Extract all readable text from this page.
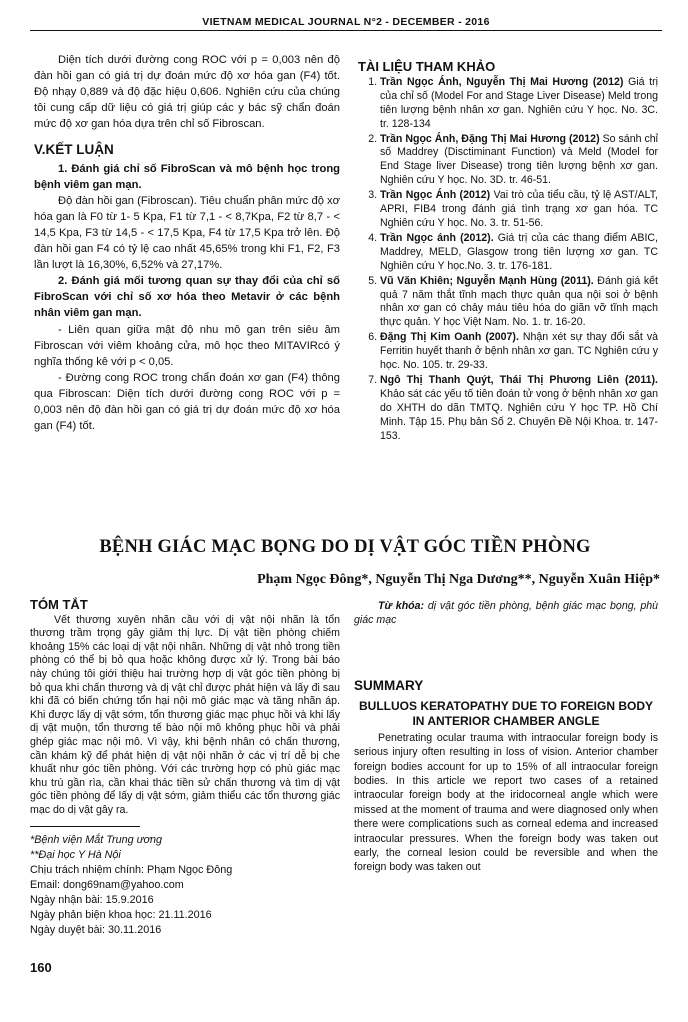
VIETNAM MEDICAL JOURNAL N°2 - DECEMBER - 2016

Diện tích dưới đường cong ROC với p = 0,003 nên độ đàn hồi gan có giá trị dự đoán mức độ xơ hóa gan (F4) tốt. Độ nhạy 0,889 và độ đặc hiệu 0,606. Nghiên cứu của chúng tôi cung cấp dữ liệu có giá trị giúp các y bác sỹ chẩn đoán mức độ xơ gan hóa dựa trên chỉ số Fibroscan.

V.KẾT LUẬN

1. Đánh giá chỉ số FibroScan và mô bệnh học trong bệnh viêm gan mạn.

Độ đàn hồi gan (Fibroscan). Tiêu chuẩn phân mức độ xơ hóa gan là F0 từ 1- 5 Kpa, F1 từ 7,1 - < 8,7Kpa, F2 từ 8,7 - < 14,5 Kpa, F3 từ 14,5 - < 17,5 Kpa, F4 từ 17,5 Kpa trở lên. Độ đàn hồi gan F4 có tỷ lệ cao nhất 45,65% trong khi F1, F2, F3 lần lượt là 16,30%, 6,52% và 27,17%.

2. Đánh giá mối tương quan sự thay đổi của chỉ số FibroScan với chỉ số xơ hóa theo Metavir ở các bệnh nhân viêm gan mạn.

- Liên quan giữa mật độ nhu mô gan trên siêu âm Fibroscan với viêm khoảng cửa, mô học theo MITAVIRcó ý nghĩa thống kê với p < 0,05.

- Đường cong ROC trong chẩn đoán xơ gan (F4) thông qua Fibroscan: Diện tích dưới đường cong ROC với p = 0,003 nên độ đàn hồi gan có giá trị dự đoán mức độ xơ hóa gan (F4) tốt.

TÀI LIỆU THAM KHẢO
1. Trần Ngọc Ánh, Nguyễn Thị Mai Hương (2012) Giá trị của chỉ số (Model For and Stage Liver Disease) Meld trong tiên lượng bệnh nhân xơ gan. Nghiên cứu Y học. No. 3C. tr. 128-134
2. Trần Ngọc Ánh, Đặng Thị Mai Hương (2012) So sánh chỉ số Maddrey (Disctiminant Function) và Meld (Model for End Stage liver Disease) trong tiên lượng bệnh xơ gan. Nghiên cứu Y học. No. 3D. tr. 46-51.
3. Trần Ngọc Ánh (2012) Vai trò của tiểu cầu, tỷ lệ AST/ALT, APRI, FIB4 trong đánh giá tình trạng xơ gan hóa. TC Nghiên cứu Y học. No. 3. tr. 51-56.
4. Trần Ngọc ánh (2012). Giá trị của các thang điểm ABIC, Maddrey, MELD, Glasgow trong tiên lượng xơ gan. TC Nghiên cứu Y học.No. 3. tr. 176-181.
5. Vũ Văn Khiên; Nguyễn Mạnh Hùng (2011). Đánh giá kết quả 7 năm thắt tĩnh mạch thực quản qua nội soi ở bệnh nhân xơ gan có chảy máu tiêu hóa do giãn vỡ tĩnh mạch thực quản. Y học Việt Nam. No. 1. tr. 16-20.
6. Đặng Thị Kim Oanh (2007). Nhận xét sự thay đổi sắt và Ferritin huyết thanh ở bệnh nhân xơ gan. TC Nghiên cứu y học. No. 105. tr. 29-33.
7. Ngô Thị Thanh Quýt, Thái Thị Phương Liên (2011). Khảo sát các yếu tố tiên đoán tử vong ở bệnh nhân xơ gan do XHTH do dãn TMTQ. Nghiên cứu Y học TP. Hồ Chí Minh. Tập 15. Phụ bản Số 2. Chuyên Đề Nội Khoa. tr. 147-153.
BỆNH GIÁC MẠC BỌNG DO DỊ VẬT GÓC TIỀN PHÒNG
Phạm Ngọc Đông*, Nguyễn Thị Nga Dương**, Nguyễn Xuân Hiệp*
TÓM TẮT

Vết thương xuyên nhãn cầu với dị vật nội nhãn là tổn thương trầm trọng gây giảm thị lực. Dị vật tiền phòng chiếm khoảng 15% các loại dị vật nội nhãn. Những dị vật nhỏ trong tiền phòng có thể bị bỏ qua hoặc không được xử lý. Trong bài báo này chúng tôi giới thiệu hai trường hợp dị vật góc tiền phòng bị bỏ qua khi chấn thương và dị vật chỉ được phát hiện và lấy đi sau khi đã có biến chứng tổn hại nội mô giác mạc và tăng nhãn áp. Khi được lấy dị vật sớm, tổn thương giác mạc phục hồi và khi lấy dị vật muộn, tổn thương tế bào nội mô không phục hồi và phải ghép giác mạc nội mô. Vì vậy, khi bệnh nhân có chấn thương, cần khám kỹ để phát hiện dị vật nội nhãn ở các vị trí dễ bị che khuất như góc tiền phòng. Với các trường hợp có phù giác mạc khu trú gần rìa, cần khai thác tiền sử chấn thương và tìm dị vật góc tiền phòng để lấy dị vật sớm, giảm thiểu các tổn thương giác mạc do dị vật gây ra.

*Bệnh viện Mắt Trung ương
**Đại học Y Hà Nội
Chịu trách nhiệm chính: Phạm Ngọc Đông
Email: dong69nam@yahoo.com
Ngày nhận bài: 15.9.2016
Ngày phản biện khoa học: 21.11.2016
Ngày duyệt bài: 30.11.2016

Từ khóa: dị vật góc tiền phòng, bệnh giác mạc bọng, phù giác mạc

SUMMARY
BULLUOS KERATOPATHY DUE TO FOREIGN BODY IN ANTERIOR CHAMBER ANGLE

Penetrating ocular trauma with intraocular foreign body is serious injury often resulting in loss of vision. Anterior chamber foreign bodies account for up to 15% of all intraocular foreign bodies. In this article we report two cases of a retained intraocular foreign body at the iridocorneal angle which were missed at the moment of trauma and were diagnosed only when there were complications such as corneal edema and increased intraocular pressures. When the foreign body was taken out early, the corneal lesion could be reversible and when the foreign body was taken out

160
